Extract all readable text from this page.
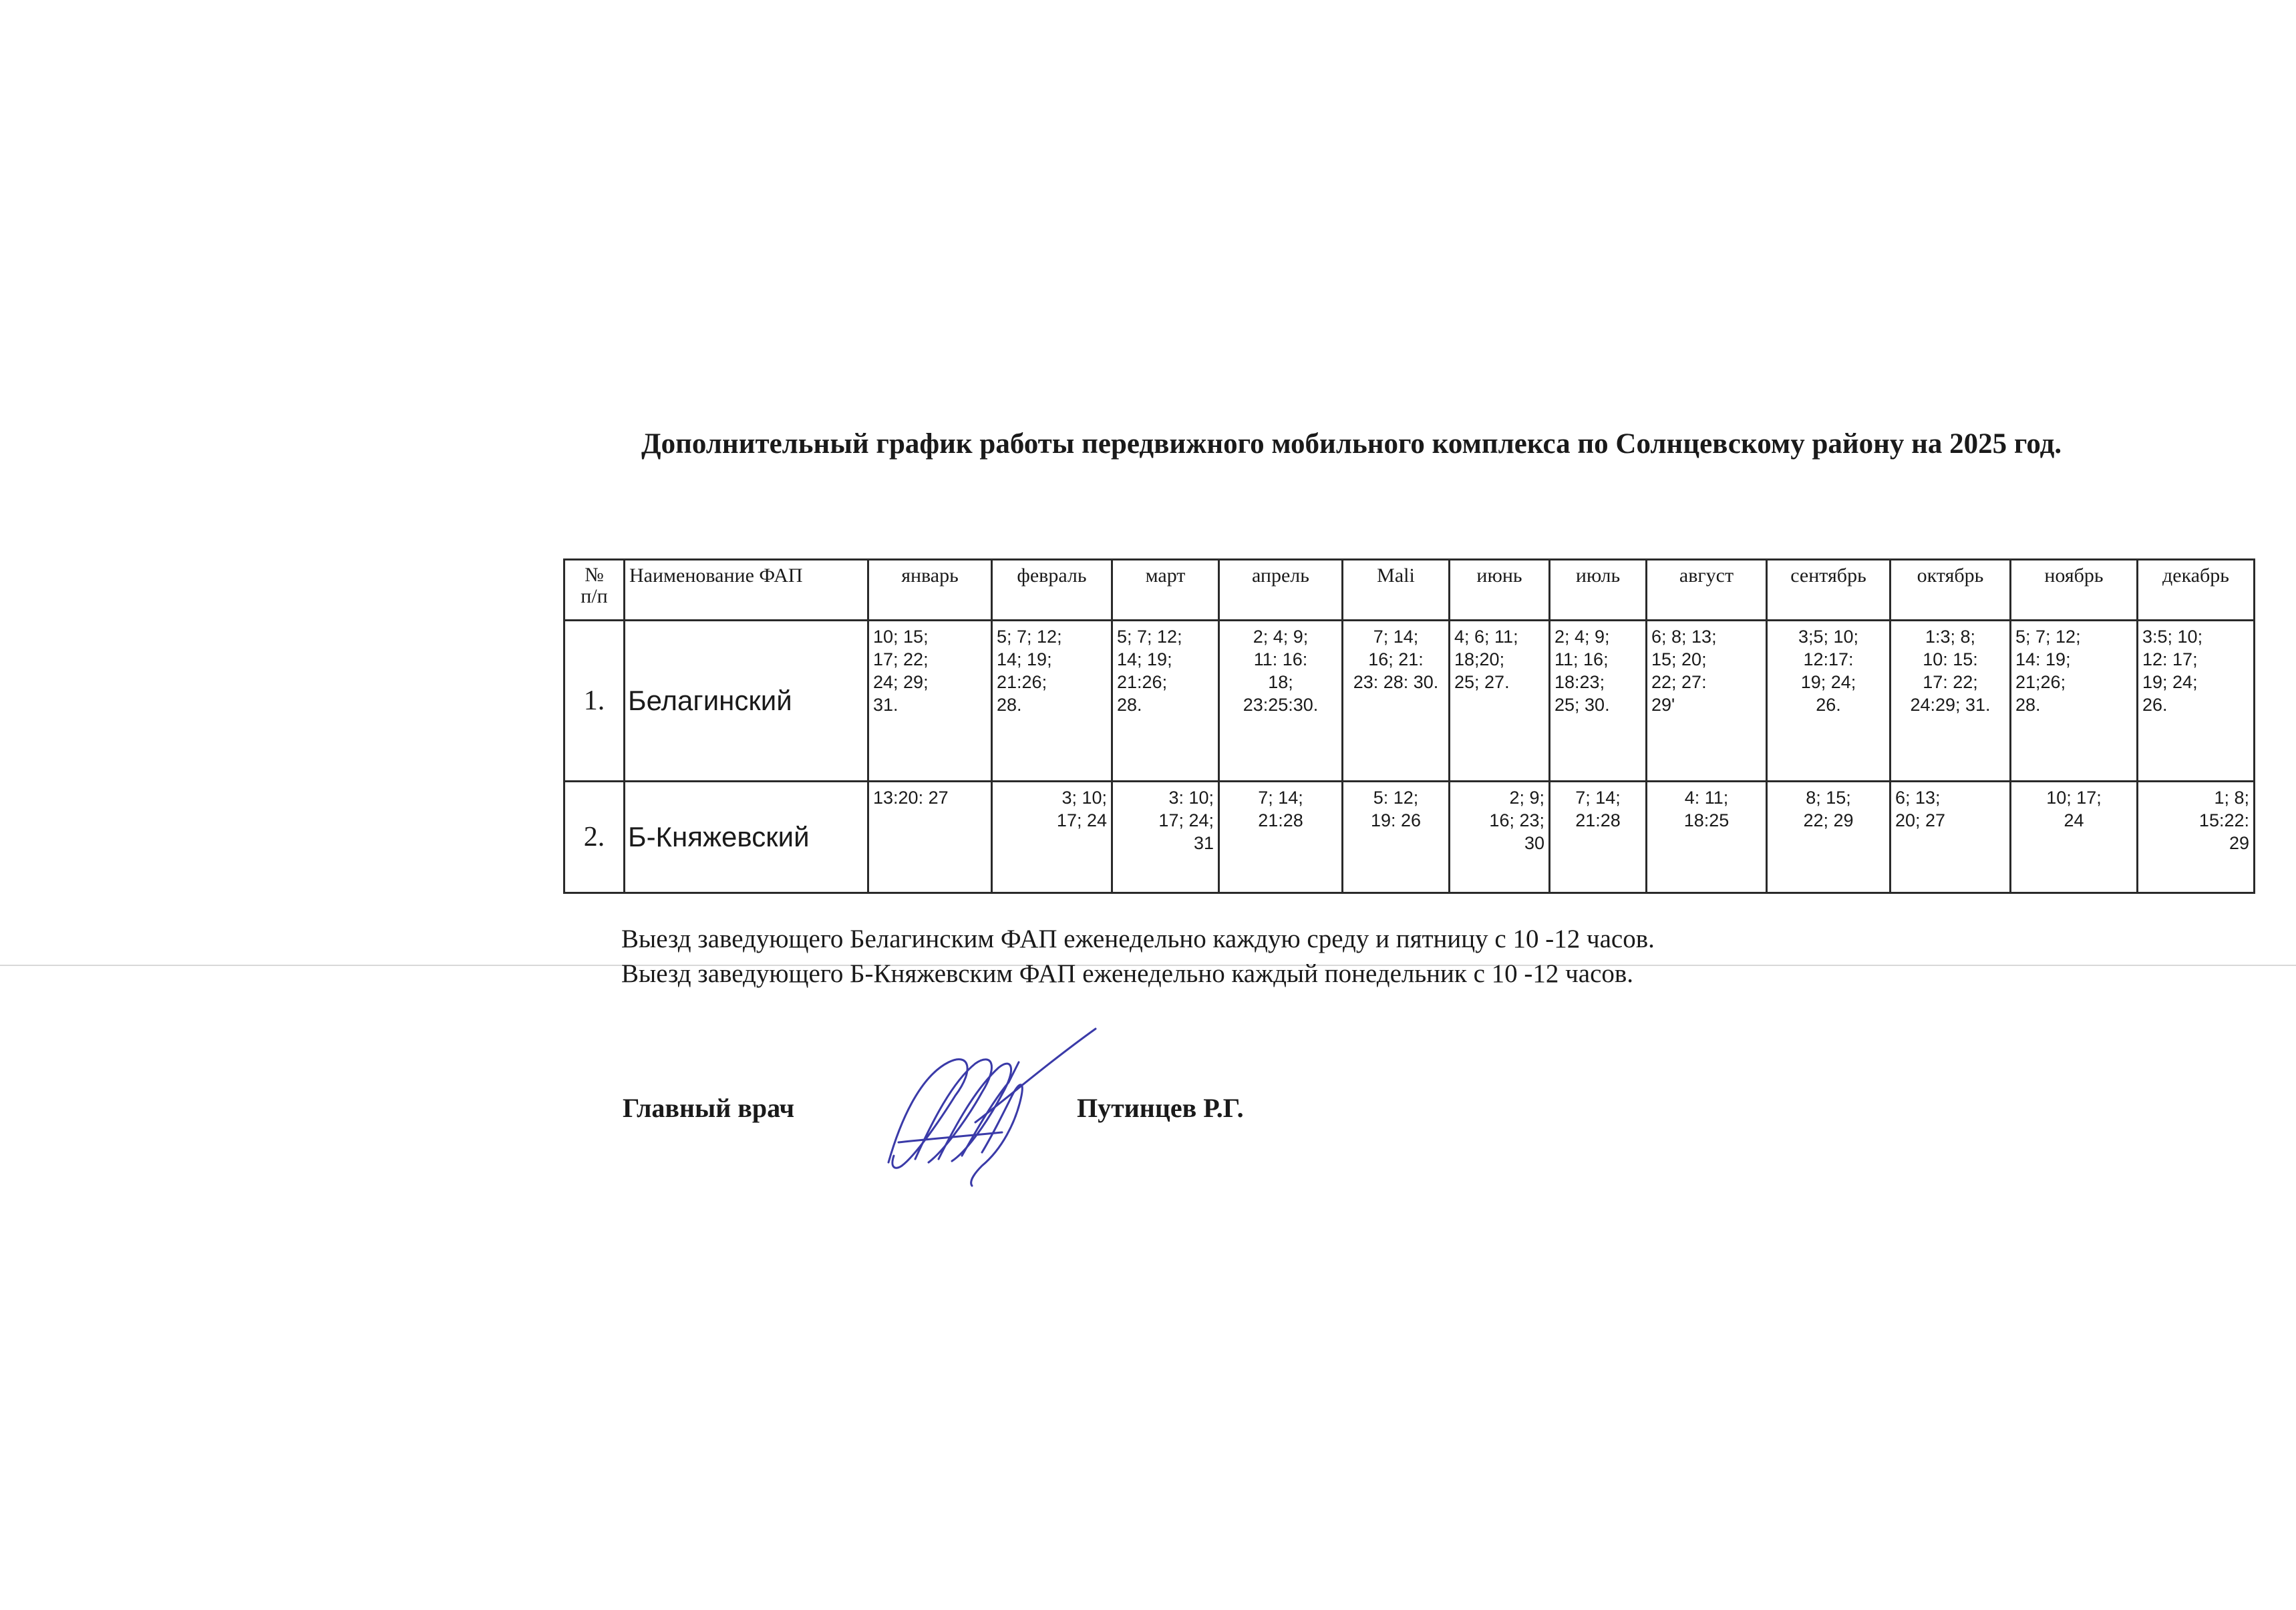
Дополнительный график работы передвижного мобильного комплекса по Солнцевскому району на 2025 год.
№
п/п	Наименование ФАП	январь	февраль	март	апрель	Mali	июнь	июль	август	сентябрь	октябрь	ноябрь	декабрь
1.	Белагинский	10; 15;
17; 22;
24; 29;
31.	5; 7; 12;
14; 19;
21:26;
28.	5; 7; 12;
14; 19;
21:26;
28.	2; 4; 9;
11: 16:
18;
23:25:30.	7; 14;
16; 21:
23: 28: 30.	4; 6; 11;
18;20;
25; 27.	2; 4; 9;
11; 16;
18:23;
25; 30.	6; 8; 13;
15; 20;
22; 27:
29'	3;5; 10;
12:17:
19; 24;
26.	1:3; 8;
10: 15:
17: 22;
24:29; 31.	5; 7; 12;
14: 19;
21;26;
28.	3:5; 10;
12: 17;
19; 24;
26.

2.	Б-Княжевский	13:20: 27	3; 10;
17; 24	3: 10;
17; 24;
31	7; 14;
21:28	5: 12;
19: 26	2; 9;
16; 23;
30	7; 14;
21:28	4: 11;
18:25	8; 15;
22; 29	6; 13;
20; 27	10; 17;
24	1; 8;
15:22:
29
Выезд заведующего Белагинским ФАП еженедельно каждую среду и пятницу с 10 -12 часов.
Выезд заведующего Б-Княжевским ФАП еженедельно каждый понедельник с 10 -12 часов.
Главный врач	Путинцев Р.Г.
